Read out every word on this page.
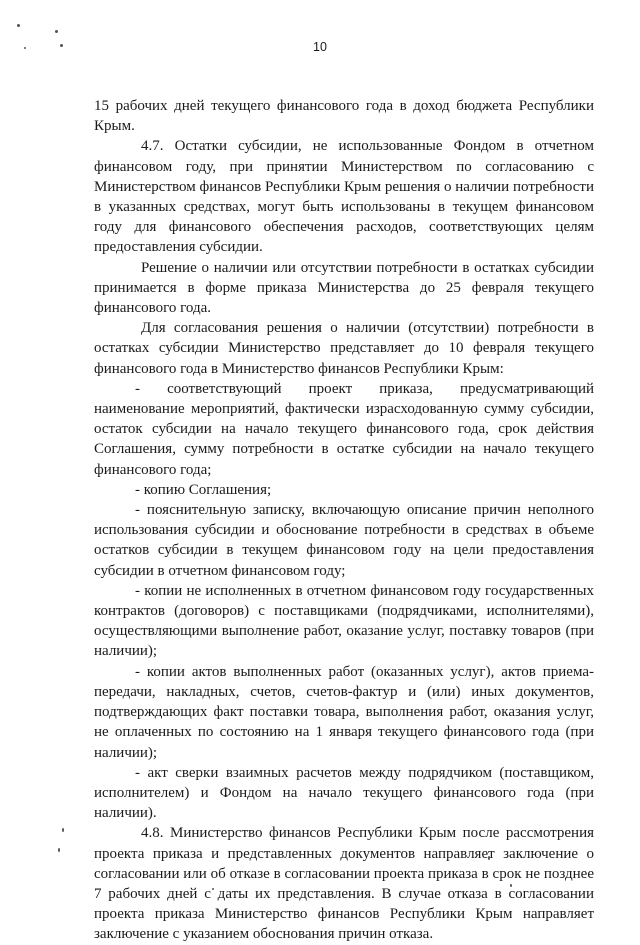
10

15 рабочих дней текущего финансового года в доход бюджета Республики Крым.

4.7. Остатки субсидии, не использованные Фондом в отчетном финансовом году, при принятии Министерством по согласованию с Министерством финансов Республики Крым решения о наличии потребности в указанных средствах, могут быть использованы в текущем финансовом году для финансового обеспечения расходов, соответствующих целям предоставления субсидии.

Решение о наличии или отсутствии потребности в остатках субсидии принимается в форме приказа Министерства до 25 февраля текущего финансового года.

Для согласования решения о наличии (отсутствии) потребности в остатках субсидии Министерство представляет до 10 февраля текущего финансового года в Министерство финансов Республики Крым:

- соответствующий проект приказа, предусматривающий наименование мероприятий, фактически израсходованную сумму субсидии, остаток субсидии на начало текущего финансового года, срок действия Соглашения, сумму потребности в остатке субсидии на начало текущего финансового года;

- копию Соглашения;

- пояснительную записку, включающую описание причин неполного использования субсидии и обоснование потребности в средствах в объеме остатков субсидии в текущем финансовом году на цели предоставления субсидии в отчетном финансовом году;

- копии не исполненных в отчетном финансовом году государственных контрактов (договоров) с поставщиками (подрядчиками, исполнителями), осуществляющими выполнение работ, оказание услуг, поставку товаров (при наличии);

- копии актов выполненных работ (оказанных услуг), актов приема-передачи, накладных, счетов, счетов-фактур и (или) иных документов, подтверждающих факт поставки товара, выполнения работ, оказания услуг, не оплаченных по состоянию на 1 января текущего финансового года (при наличии);

- акт сверки взаимных расчетов между подрядчиком (поставщиком, исполнителем) и Фондом на начало текущего финансового года (при наличии).

4.8. Министерство финансов Республики Крым после рассмотрения проекта приказа и представленных документов направляет заключение о согласовании или об отказе в согласовании проекта приказа в срок не позднее 7 рабочих дней с даты их представления. В случае отказа в согласовании проекта приказа Министерство финансов Республики Крым направляет заключение с указанием обоснования причин отказа.
